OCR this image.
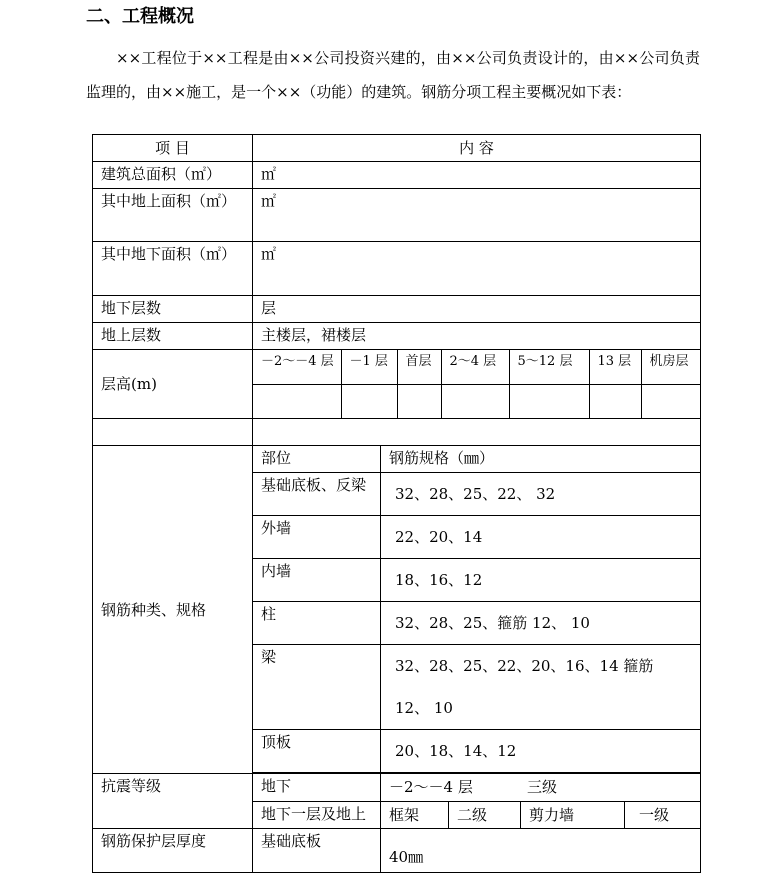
二、工程概况

××工程位于××工程是由××公司投资兴建的，由××公司负责设计的，由××公司负责监理的，由××施工，是一个××（功能）的建筑。钢筋分项工程主要概况如下表：

项 目	内 容
建筑总面积（㎡）	㎡
其中地上面积（㎡）	㎡
其中地下面积（㎡）	㎡
地下层数	层
地上层数	主楼层，裙楼层
层高(m)	
－2～－4 层	－1 层	首层	2～4 层	5～12 层	13 层	机房层

钢筋种类、规格	部位	钢筋规格（㎜）
基础底板、反梁	32、28、25、22、 32
外墙	22、20、14
内墙	18、16、12
柱	32、28、25、箍筋 12、 10
梁	32、28、25、22、20、16、14 箍筋
12、 10

顶板	20、18、14、12

抗震等级	地下	－2～－4 层	三级

地下一层及地上	框架	二级	剪力墙	一级

钢筋保护层厚度	基础底板	40㎜
